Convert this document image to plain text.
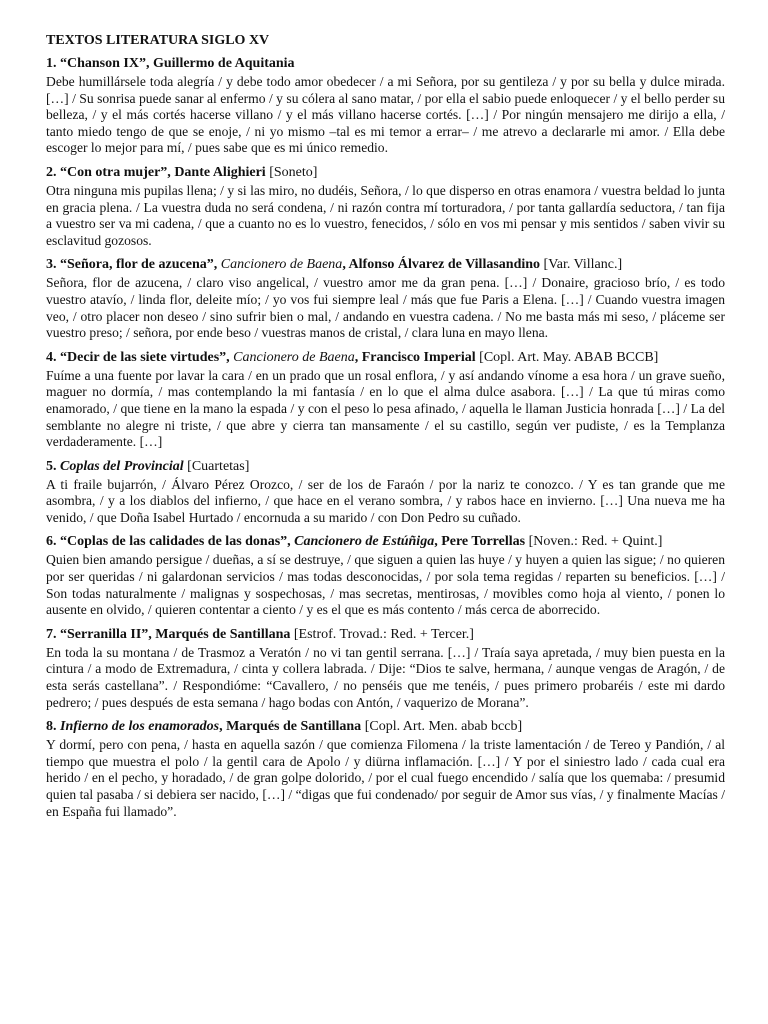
TEXTOS LITERATURA SIGLO XV
1. “Chanson IX”, Guillermo de Aquitania

Debe humillársele toda alegría / y debe todo amor obedecer / a mi Señora, por su gentileza / y por su bella y dulce mirada. […] / Su sonrisa puede sanar al enfermo / y su cólera al sano matar, / por ella el sabio puede enloquecer / y el bello perder su belleza, / y el más cortés hacerse villano / y el más villano hacerse cortés. […] / Por ningún mensajero me dirijo a ella, / tanto miedo tengo de que se enoje, / ni yo mismo –tal es mi temor a errar– / me atrevo a declararle mi amor. / Ella debe escoger lo mejor para mí, / pues sabe que es mi único remedio.

2. “Con otra mujer”, Dante Alighieri [Soneto]

Otra ninguna mis pupilas llena; / y si las miro, no dudéis, Señora, / lo que disperso en otras enamora / vuestra beldad lo junta en gracia plena. / La vuestra duda no será condena, / ni razón contra mí torturadora, / por tanta gallardía seductora, / tan fija a vuestro ser va mi cadena, / que a cuanto no es lo vuestro, fenecidos, / sólo en vos mi pensar y mis sentidos / saben vivir su esclavitud gozosos.

3. “Señora, flor de azucena”, Cancionero de Baena, Alfonso Álvarez de Villasandino [Var. Villanc.]

Señora, flor de azucena, / claro viso angelical, / vuestro amor me da gran pena. […] / Donaire, gracioso brío, / es todo vuestro atavío, / linda flor, deleite mío; / yo vos fui siempre leal / más que fue Paris a Elena. […] / Cuando vuestra imagen veo, / otro placer non deseo / sino sufrir bien o mal, / andando en vuestra cadena. / No me basta más mi seso, / pláceme ser vuestro preso; / señora, por ende beso / vuestras manos de cristal, / clara luna en mayo llena.

4. “Decir de las siete virtudes”, Cancionero de Baena, Francisco Imperial [Copl. Art. May. ABAB BCCB]

Fuíme a una fuente por lavar la cara / en un prado que un rosal enflora, / y así andando vínome a esa hora / un grave sueño, maguer no dormía, / mas contemplando la mi fantasía / en lo que el alma dulce asabora. […] / La que tú miras como enamorado, / que tiene en la mano la espada / y con el peso lo pesa afinado, / aquella le llaman Justicia honrada […] / La del semblante no alegre ni triste, / que abre y cierra tan mansamente / el su castillo, según ver pudiste, / es la Templanza verdaderamente. […]

5. Coplas del Provincial [Cuartetas]

A ti fraile bujarrón, / Álvaro Pérez Orozco, / ser de los de Faraón / por la nariz te conozco. / Y es tan grande que me asombra, / y a los diablos del infierno, / que hace en el verano sombra, / y rabos hace en invierno. […] Una nueva me ha venido, / que Doña Isabel Hurtado / encornuda a su marido / con Don Pedro su cuñado.

6. “Coplas de las calidades de las donas”, Cancionero de Estúñiga, Pere Torrellas [Noven.: Red. + Quint.]

Quien bien amando persigue / dueñas, a sí se destruye, / que siguen a quien las huye / y huyen a quien las sigue; / no quieren por ser queridas / ni galardonan servicios / mas todas desconocidas, / por sola tema regidas / reparten su beneficios. […] / Son todas naturalmente / malignas y sospechosas, / mas secretas, mentirosas, / movibles como hoja al viento, / ponen lo ausente en olvido, / quieren contentar a ciento / y es el que es más contento / más cerca de aborrecido.

7. “Serranilla II”, Marqués de Santillana [Estrof. Trovad.: Red. + Tercer.]

En toda la su montana / de Trasmoz a Veratón / no vi tan gentil serrana. […] / Traía saya apretada, / muy bien puesta en la cintura / a modo de Extremadura, / cinta y collera labrada. / Dije: “Dios te salve, hermana, / aunque vengas de Aragón, / de esta serás castellana”. / Respondióme: “Cavallero, / no penséis que me tenéis, / pues primero probaréis / este mi dardo pedrero; / pues después de esta semana / hago bodas con Antón, / vaquerizo de Morana”.

8. Infierno de los enamorados, Marqués de Santillana [Copl. Art. Men. abab bccb]

Y dormí, pero con pena, / hasta en aquella sazón / que comienza Filomena / la triste lamentación / de Tereo y Pandión, / al tiempo que muestra el polo / la gentil cara de Apolo / y diürna inflamación. […] / Y por el siniestro lado / cada cual era herido / en el pecho, y horadado, / de gran golpe dolorido, / por el cual fuego encendido / salía que los quemaba: / presumid quien tal pasaba / si debiera ser nacido, […] / “digas que fui condenado/ por seguir de Amor sus vías, / y finalmente Macías / en España fui llamado”.
